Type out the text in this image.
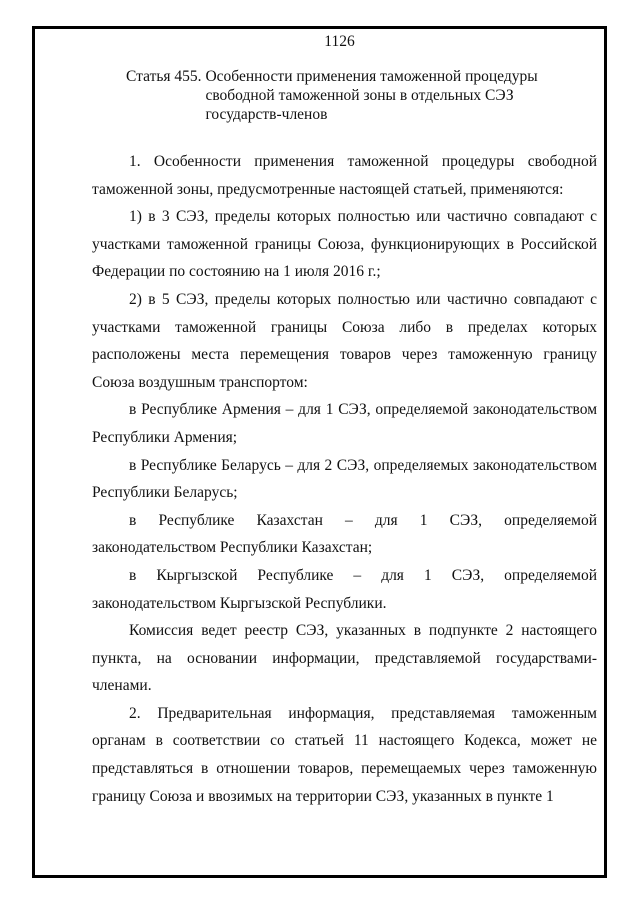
1126
Статья 455.
Особенности применения таможенной процедуры
свободной таможенной зоны в отдельных СЭЗ
государств-членов

1. Особенности применения таможенной процедуры свободной таможенной зоны, предусмотренные настоящей статьей, применяются:

1) в 3 СЭЗ, пределы которых полностью или частично совпадают с участками таможенной границы Союза, функционирующих в Российской Федерации по состоянию на 1 июля 2016 г.;

2) в 5 СЭЗ, пределы которых полностью или частично совпадают с участками таможенной границы Союза либо в пределах которых расположены места перемещения товаров через таможенную границу Союза воздушным транспортом:

в Республике Армения – для 1 СЭЗ, определяемой законодательством Республики Армения;

в Республике Беларусь – для 2 СЭЗ, определяемых законодательством Республики Беларусь;

в Республике Казахстан – для 1 СЭЗ, определяемой законодательством Республики Казахстан;

в Кыргызской Республике – для 1 СЭЗ, определяемой законодательством Кыргызской Республики.

Комиссия ведет реестр СЭЗ, указанных в подпункте 2 настоящего пункта, на основании информации, представляемой государствами-членами.

2. Предварительная информация, представляемая таможенным органам в соответствии со статьей 11 настоящего Кодекса, может не представляться в отношении товаров, перемещаемых через таможенную границу Союза и ввозимых на территории СЭЗ, указанных в пункте 1
